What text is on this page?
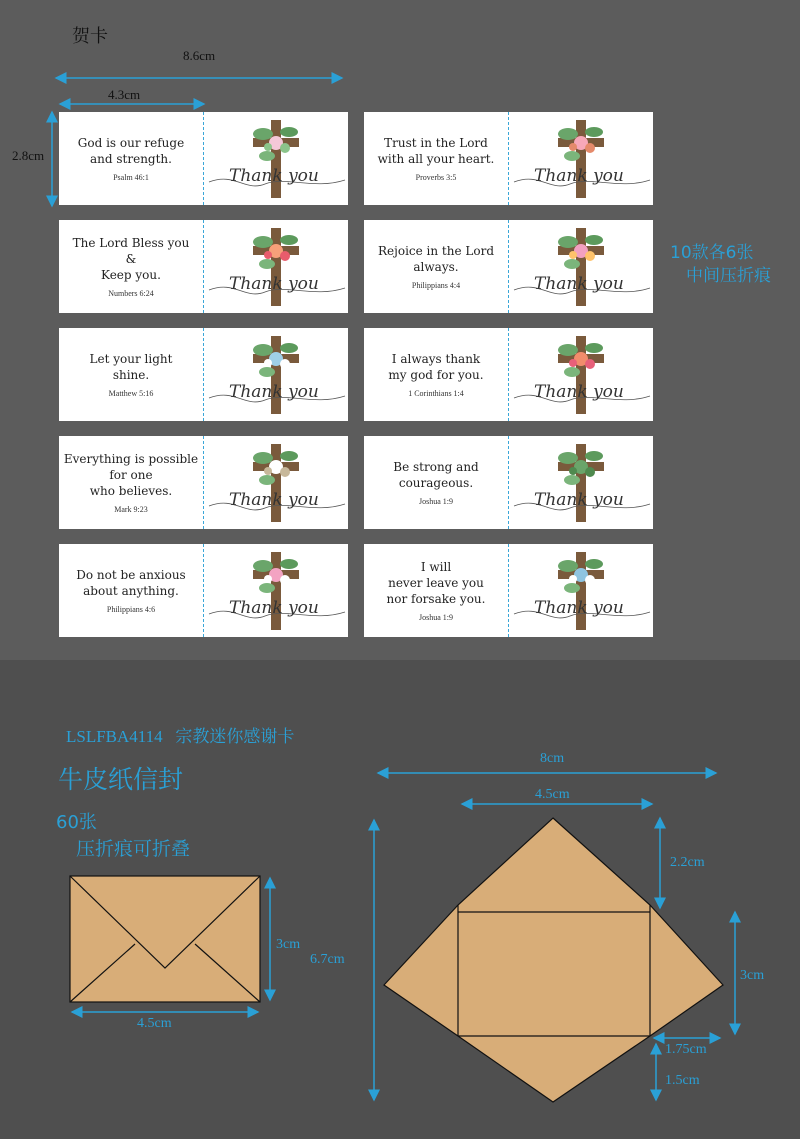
贺卡
8.6cm
4.3cm
2.8cm
God is our refuge
and strength.
Psalm 46:1	Thank you
Trust in the Lord
with all your heart.
Proverbs 3:5	Thank you
The Lord Bless you
&
Keep you.
Numbers 6:24	Thank you
Rejoice in the Lord
always.
Philippians 4:4	Thank you
Let your light
shine.
Matthew 5:16	Thank you
I always thank
my god for you.
1 Corinthians 1:4	Thank you
Everything is possible
for one
who believes.
Mark 9:23	Thank you
Be strong and
courageous.
Joshua 1:9	Thank you
Do not be anxious
about anything.
Philippians 4:6	Thank you
I will
never leave you
nor forsake you.
Joshua 1:9	Thank you
10款各6张
中间压折痕
LSLFBA4114   宗教迷你感谢卡
牛皮纸信封
60张
压折痕可折叠
3cm
4.5cm
8cm
4.5cm
2.2cm
6.7cm
3cm
1.75cm
1.5cm
